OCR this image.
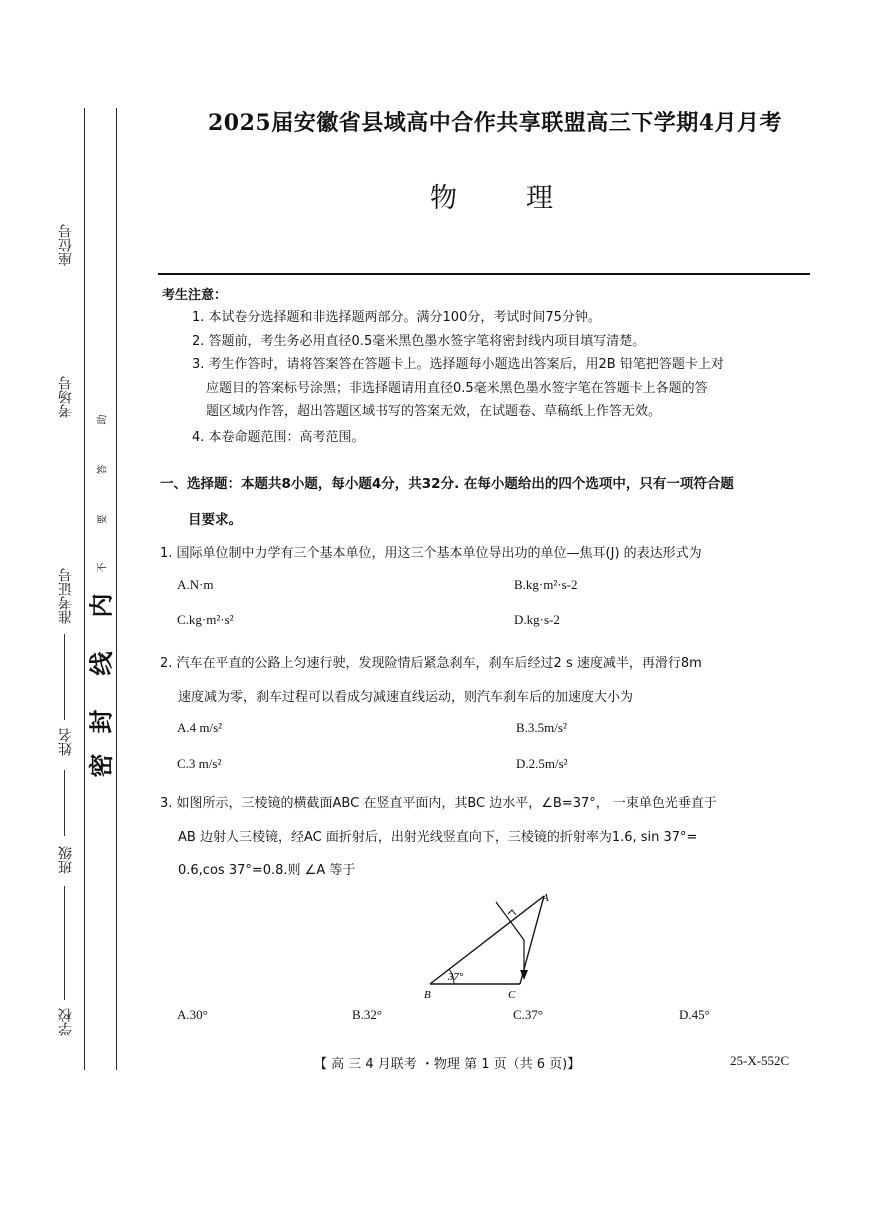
座位号
考场号
准考证号
姓名
班级
学校
内
线
封
密
助
答
要
不
2025届安徽省县域高中合作共享联盟高三下学期4月月考
物	理
考生注意：
1. 本试卷分选择题和非选择题两部分。满分100分，考试时间75分钟。
2. 答题前，考生务必用直径0.5毫米黑色墨水签字笔将密封线内项目填写清楚。
3. 考生作答时，请将答案答在答题卡上。选择题每小题选出答案后，用2B 铅笔把答题卡上对
应题目的答案标号涂黑；非选择题请用直径0.5毫米黑色墨水签字笔在答题卡上各题的答
题区域内作答，超出答题区域书写的答案无效，在试题卷、草稿纸上作答无效。
4. 本卷命题范围：高考范围。
一、选择题：本题共8小题，每小题4分，共32分. 在每小题给出的四个选项中，只有一项符合题
目要求。
1. 国际单位制中力学有三个基本单位，用这三个基本单位导出功的单位—焦耳(J) 的表达形式为
A.N·m	B.kg·m²·s-2
C.kg·m²·s²	D.kg·s-2
2. 汽车在平直的公路上匀速行驶，发现险情后紧急刹车，刹车后经过2 s 速度减半，再滑行8m
速度减为零，刹车过程可以看成匀减速直线运动，则汽车刹车后的加速度大小为
A.4 m/s²	B.3.5m/s²
C.3 m/s²	D.2.5m/s²
3. 如图所示，三棱镜的横截面ABC 在竖直平面内，其BC 边水平，∠B=37°， 一束单色光垂直于
AB 边射人三棱镜，经AC 面折射后，出射光线竖直向下，三棱镜的折射率为1.6, sin 37°=
0.6,cos 37°=0.8.则 ∠A 等于
37°
A
B	C
A.30°	B.32°	C.37°	D.45°
【 高 三 4 月联考 ・物理 第 1 页（共 6 页)】	25-X-552C
